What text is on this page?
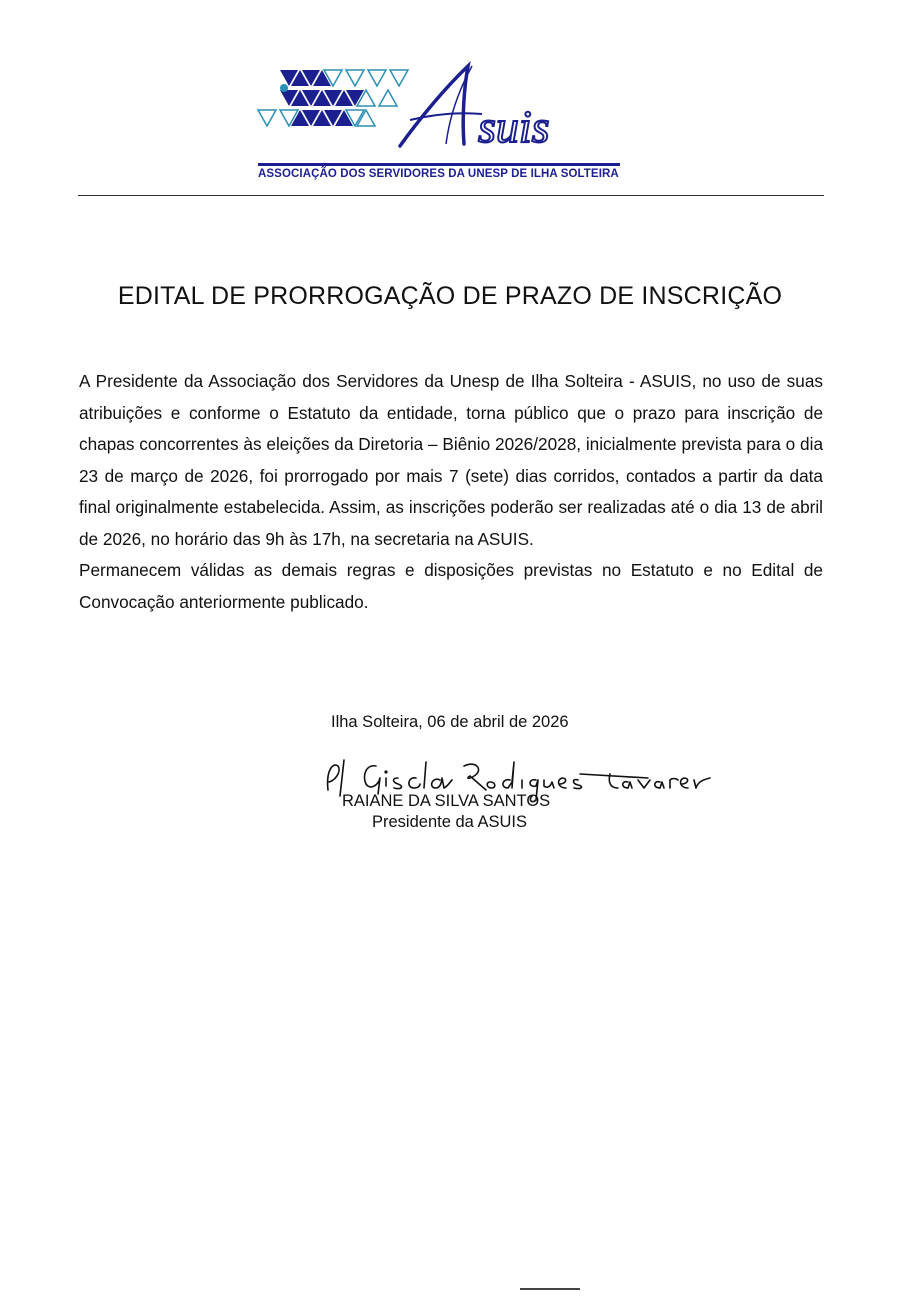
suis
ASSOCIAÇÃO DOS SERVIDORES DA UNESP DE ILHA SOLTEIRA
EDITAL DE PRORROGAÇÃO DE PRAZO DE INSCRIÇÃO

A Presidente da Associação dos Servidores da Unesp de Ilha Solteira - ASUIS, no uso de suas atribuições e conforme o Estatuto da entidade, torna público que o prazo para inscrição de chapas concorrentes às eleições da Diretoria – Biênio 2026/2028, inicialmente prevista para o dia 23 de março de 2026, foi prorrogado por mais 7 (sete) dias corridos, contados a partir da data final originalmente estabelecida. Assim, as inscrições poderão ser realizadas até o dia 13 de abril de 2026, no horário das 9h às 17h, na secretaria na ASUIS.

Permanecem válidas as demais regras e disposições previstas no Estatuto e no Edital de Convocação anteriormente publicado.

Ilha Solteira, 06 de abril de 2026
RAIANE DA SILVA SANTOS
Presidente da ASUIS
